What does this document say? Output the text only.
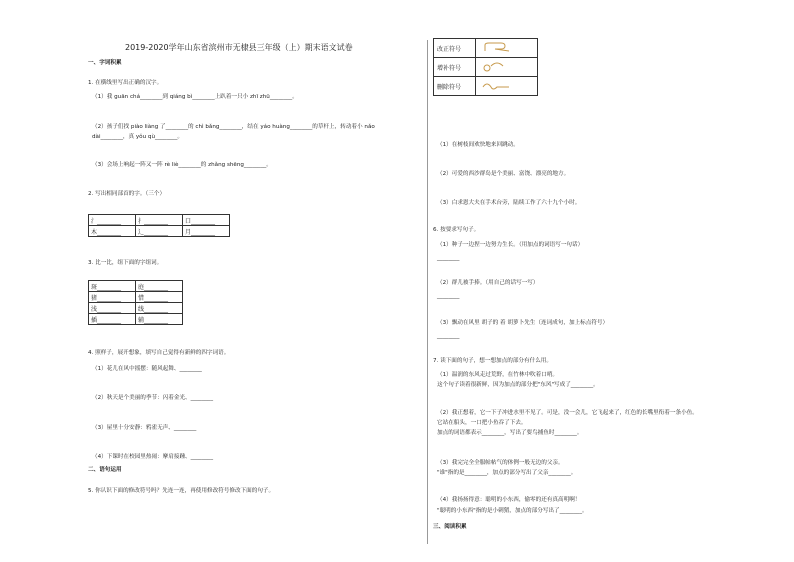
2019-2020学年山东省滨州市无棣县三年级（上）期末语文试卷
一、字词积累
1. 在横线里写出正确的汉字。
（1）我 guān chá________到 qiáng bì________上趴着一只小 zhī zhū________。
（2）孩子们找 piào liàng 了________的 chì bǎng________，结在 yáo huàng________的草杆上，转动着小 nǎo
dài________，真 yǒu qù________。
（3）会场上响起一阵又一阵 rè liè________的 zhǎng shēng________。
2. 写出相同部首的字。（三个）
氵________	扌________	口________
木________	辶________	月________
3. 比一比，组下面的字组词。
斑________	庭________
猪________	惜________
浅________	线________
插________	辅________
4. 照样子，展开想象，填写自己觉得有新鲜的四字词语。
（1）花儿在风中摇摆：随风起舞、________
（2）秋天是个美丽的季节：闪着金光、________
（3）屋里十分安静：鸦雀无声、________
（4）下课时在校园里热闹：摩肩接踵、________
二、语句运用
5. 你认识下面的修改符号吗？先连一连，再使用修改符号修改下面的句子。
改正符号	

增补符号	

删除符号	
（1）在树枝间欢快地来回跳动。
（2）可爱的西沙群岛是个美丽、富饶、漂亮的地方。
（3）白求恩大夫在手术台旁，陆续工作了六十九个小时。
6. 按要求写句子。
（1）种子一边捏一边努力生长。（用加点的词语写一句话）
________
（2）群儿被手捧。（用自己的话写一写）
________
（3）飘动在风里 胡子的 着 胡萝卜先生（连词成句，加上标点符号）
________
7. 读下面的句子，想一想加点的部分有什么用。
（1）温润的东风走过荒野，在竹林中吹着口哨。
这个句子读着很新鲜，因为加点的部分把"东风"写成了________。
（2）我正想着，它一下子冲进水里不见了。可是，没一会儿，它飞起来了，红色的长嘴里衔着一条小鱼。
它站在船头，一口把小鱼吞了下去。
加点的词语都表示________，写出了要鸟捕鱼时________。
（3）我完完全全服帖帖气的体例一般无边的父亲。
"谁"指的是________，加点的部分写出了父亲________。
（4）我扬扬得意：聪明的小东西，偷零的还有真高明啊！
"聪明的小东西"指的是小刺猬，加点的部分写出了________。
三、阅读积累
